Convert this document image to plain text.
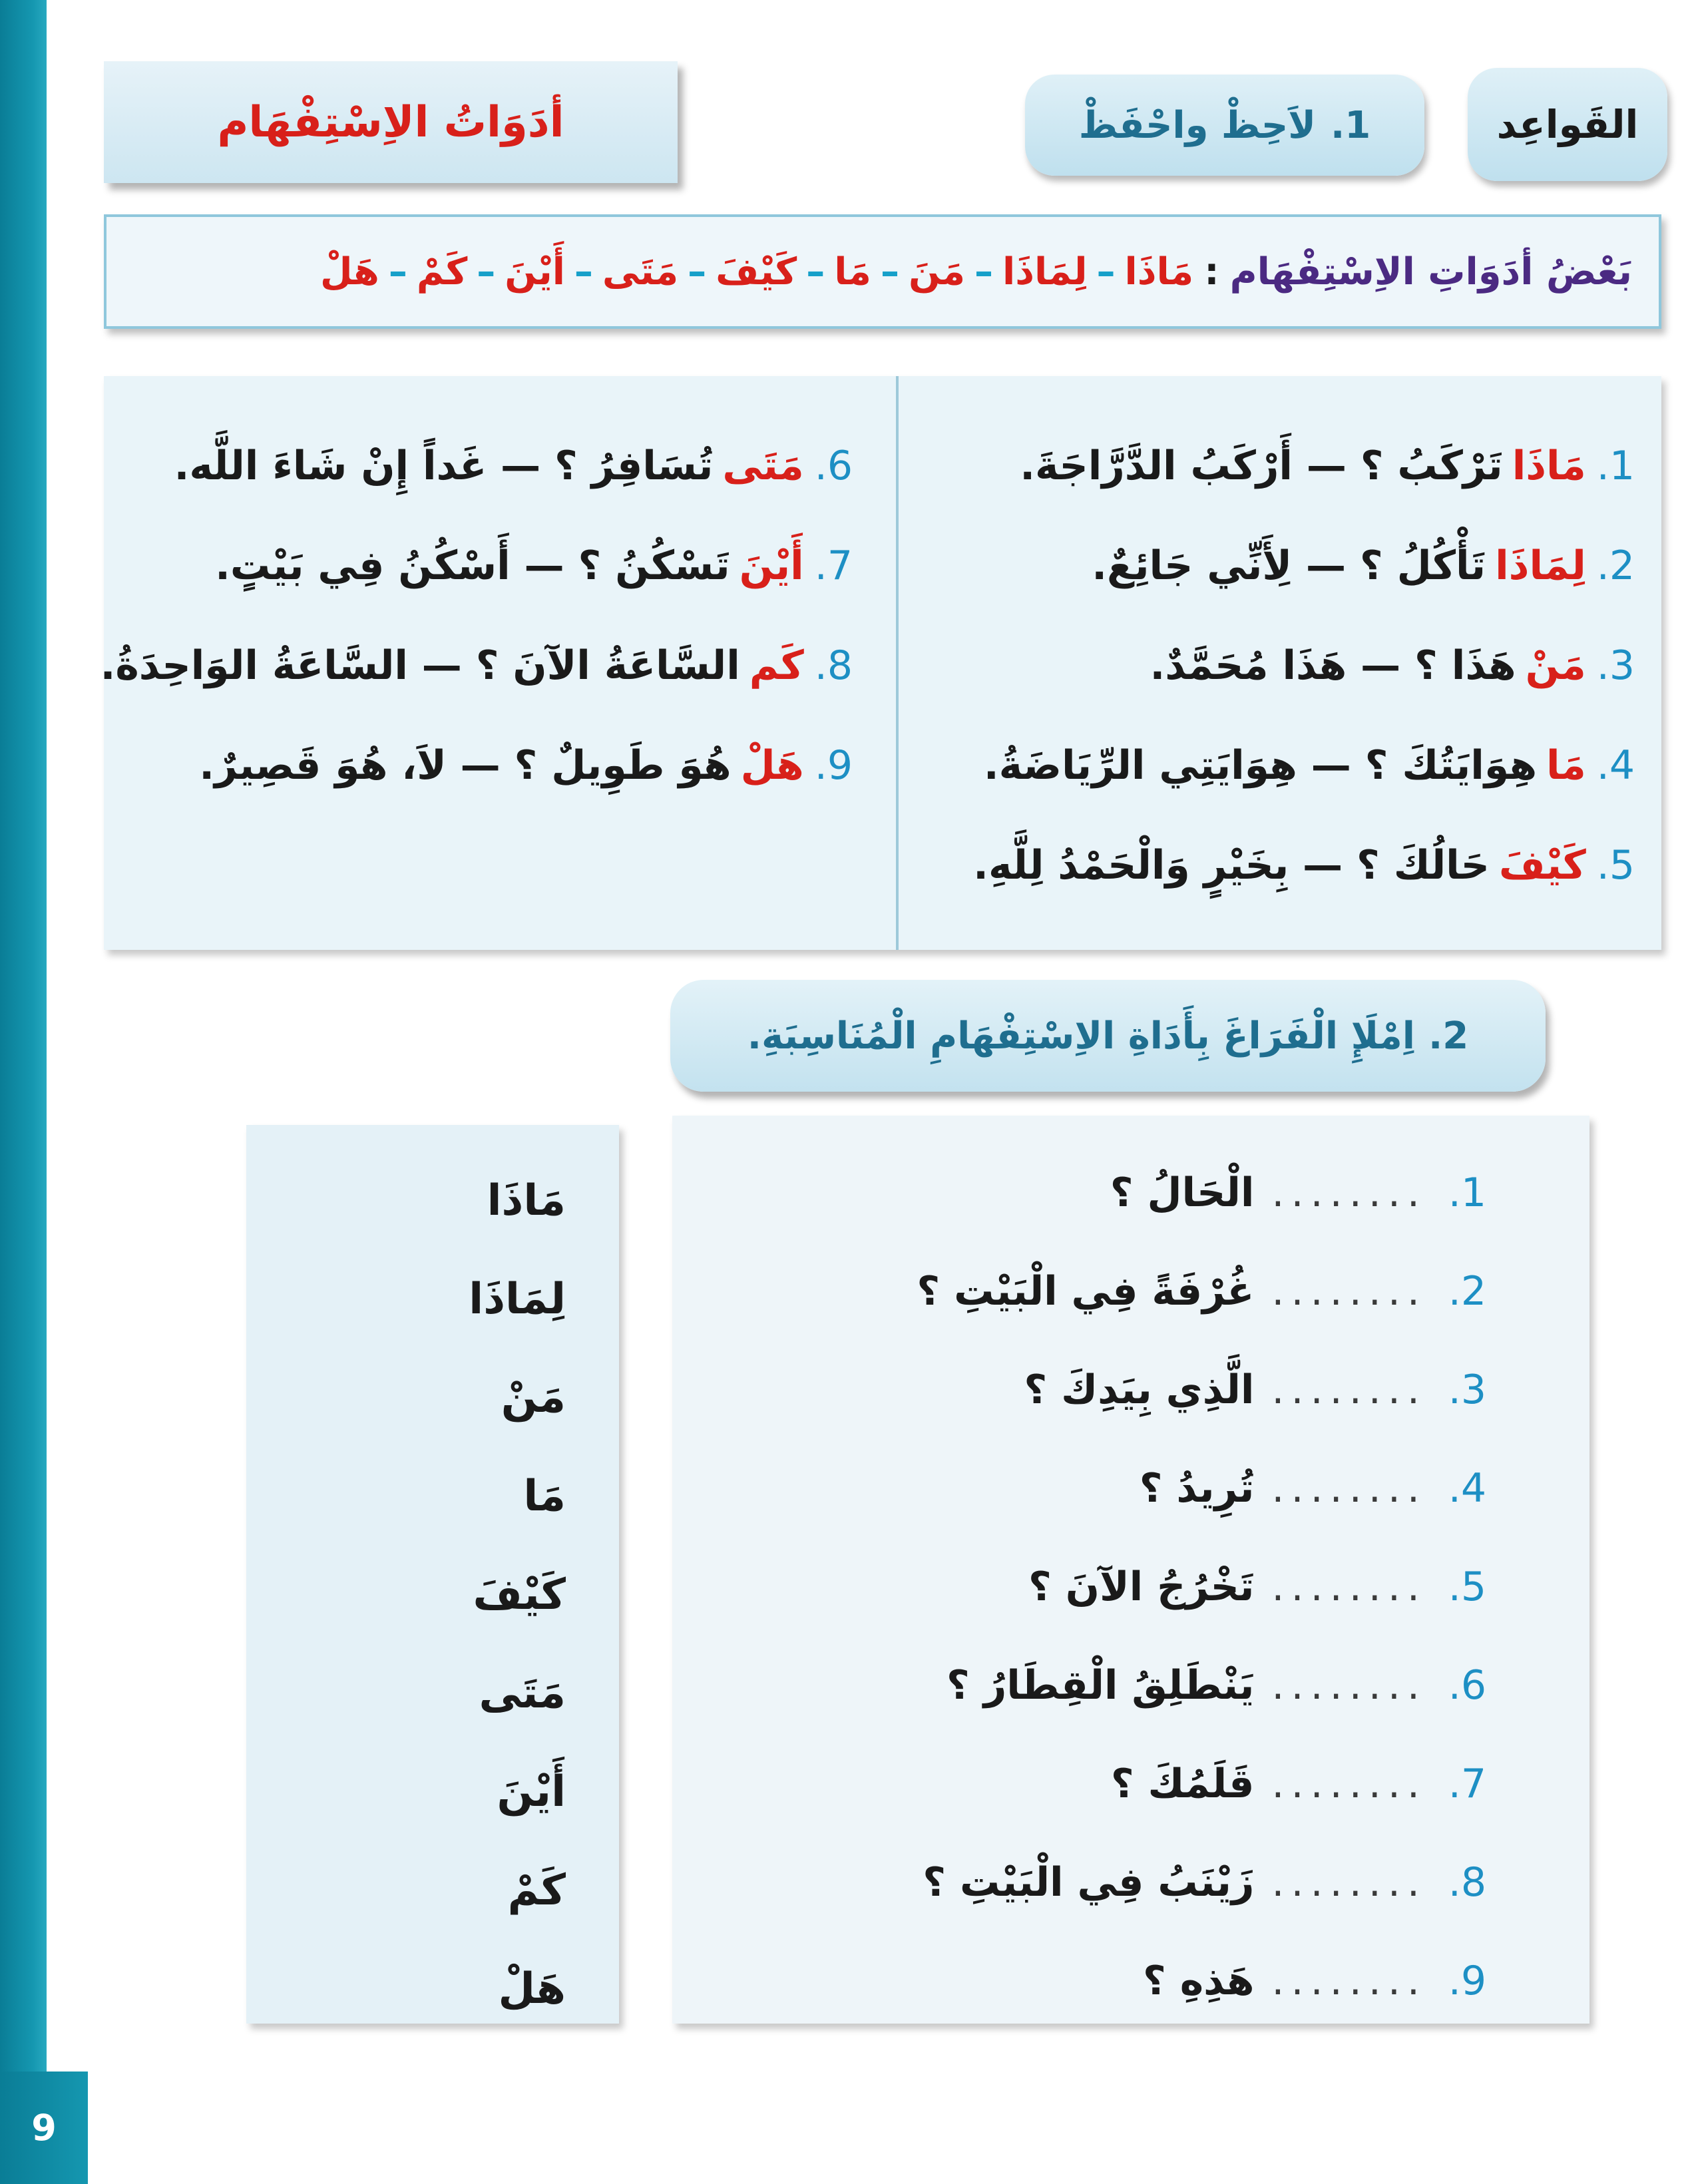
9
القَواعِد
1.
لاَحِظْ واحْفَظْ
أدَوَاتُ الاِسْتِفْهَام
بَعْضُ أدَوَاتِ الاِسْتِفْهَام
:
مَاذَا
–
لِمَاذَا
–
مَنَ
–
مَا
–
كَيْفَ
–
مَتَى
–
أَيْنَ
–
كَمْ
–
هَلْ
1.
مَاذَا
تَرْكَبُ ؟ — أَرْكَبُ الدَّرَّاجَةَ.
2.
لِمَاذَا
تَأْكُلُ ؟ — لِأَنِّي جَائِعٌ.
3.
مَنْ
هَذَا ؟ — هَذَا مُحَمَّدٌ.
4.
مَا
هِوَايَتُكَ ؟ — هِوَايَتِي الرِّيَاضَةُ.
5.
كَيْفَ
حَالُكَ ؟ — بِخَيْرٍ وَالْحَمْدُ لِلَّهِ.
6.
مَتَى
تُسَافِرُ ؟ — غَداً إِنْ شَاءَ اللَّه.
7.
أَيْنَ
تَسْكُنُ ؟ — أَسْكُنُ فِي بَيْتٍ.
8.
كَم
السَّاعَةُ الآنَ ؟ — السَّاعَةُ الوَاحِدَةُ.
9.
هَلْ
هُوَ طَوِيلٌ ؟ — لاَ، هُوَ قَصِيرٌ.
2.
اِمْلَإِ الْفَرَاغَ بِأَدَاةِ الاِسْتِفْهَامِ الْمُنَاسِبَةِ.
1.
........
الْحَالُ ؟
2.
........
غُرْفَةً فِي الْبَيْتِ ؟
3.
........
الَّذِي بِيَدِكَ ؟
4.
........
تُرِيدُ ؟
5.
........
تَخْرُجُ الآنَ ؟
6.
........
يَنْطَلِقُ الْقِطَارُ ؟
7.
........
قَلَمُكَ ؟
8.
........
زَيْنَبُ فِي الْبَيْتِ ؟
9.
........
هَذِهِ ؟
مَاذَا
لِمَاذَا
مَنْ
مَا
كَيْفَ
مَتَى
أَيْنَ
كَمْ
هَلْ
